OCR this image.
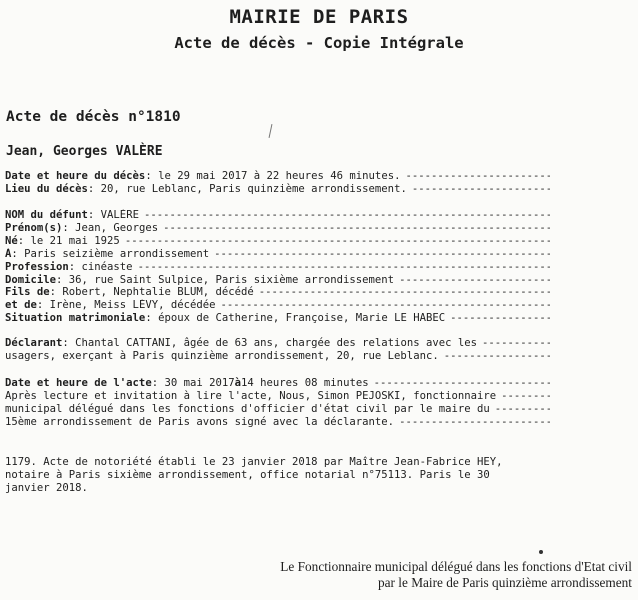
MAIRIE DE PARIS
Acte de décès - Copie Intégrale
Acte de décès n°1810
Jean, Georges VALÈRE
Date et heure du décès : le 29 mai 2017 à 22 heures 46 minutes.
-----
Lieu du décès : 20, rue Leblanc, Paris quinzième arrondissement.
-----
NOM du défunt : VALÈRE
-----
Prénom(s) : Jean, Georges
-----
Né : le 21 mai 1925
-----
À : Paris seizième arrondissement
-----
Profession : cinéaste
-----
Domicile : 36, rue Saint Sulpice, Paris sixième arrondissement
-----
Fils de : Robert, Nephtalie BLUM, décédé
-----
et de : Irène, Meiss LÉVY, décédée
-----
Situation matrimoniale : époux de Catherine, Françoise, Marie LE HABEC
-----
Déclarant : Chantal CATTANI, âgée de 63 ans, chargée des relations avec les
-----
usagers, exerçant à Paris quinzième arrondissement, 20, rue Leblanc.
-----
Date et heure de l'acte : 30 mai 2017 à 14 heures 08 minutes
-----
Après lecture et invitation à lire l'acte, Nous, Simon PEJOSKI, fonctionnaire
-----
municipal délégué dans les fonctions d'officier d'état civil par le maire du
-----
15ème arrondissement de Paris avons signé avec la déclarante.
-----
1179. Acte de notoriété établi le 23 janvier 2018 par Maître Jean-Fabrice HEY,
notaire à Paris sixième arrondissement, office notarial n°75113. Paris le 30
janvier 2018.
Le Fonctionnaire municipal délégué dans les fonctions d'Etat civil
par le Maire de Paris quinzième arrondissement
